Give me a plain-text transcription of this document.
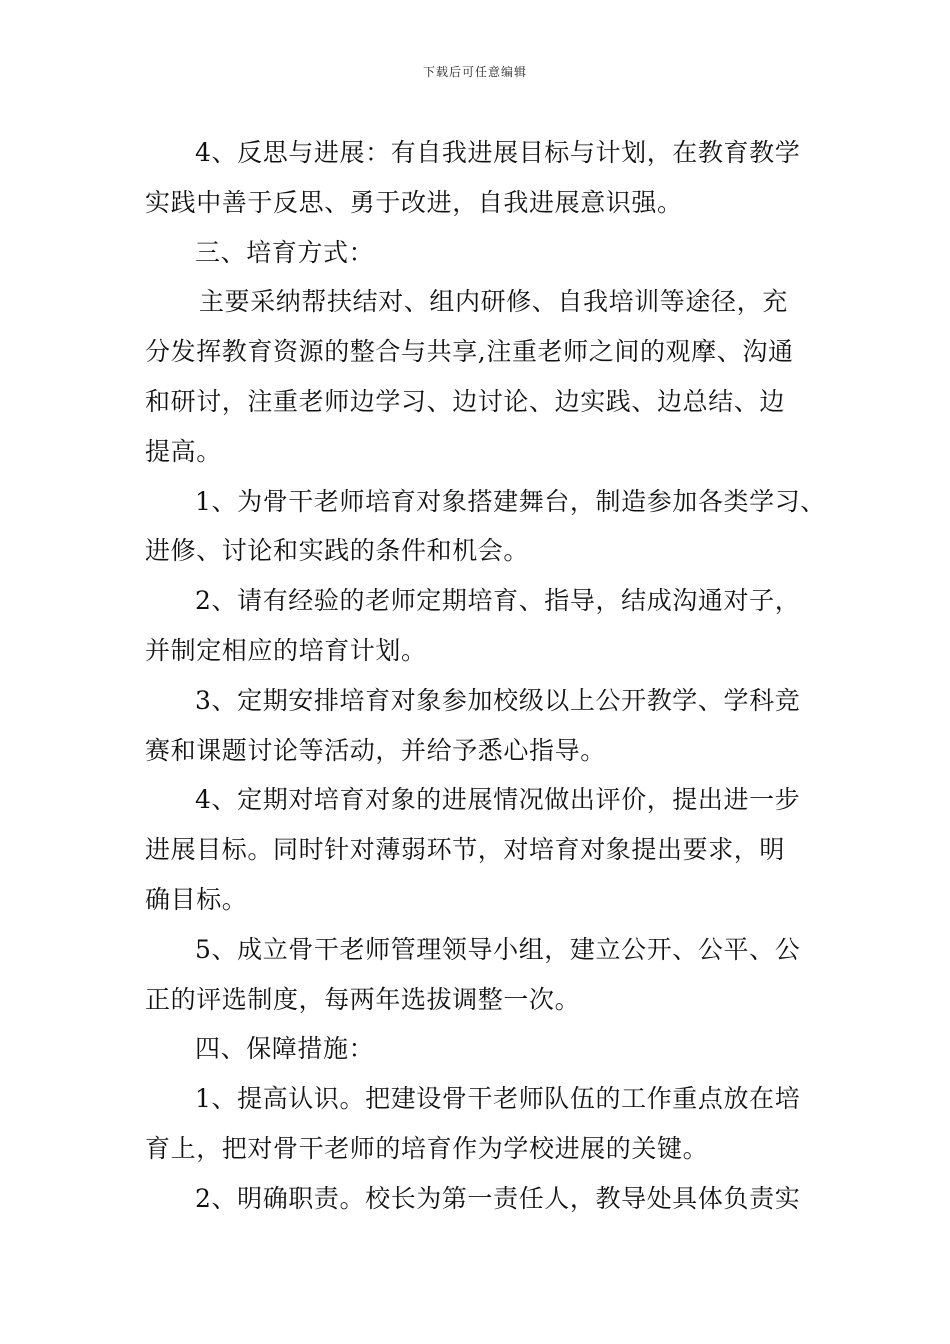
下载后可任意编辑
4、反思与进展：有自我进展目标与计划，在教育教学
实践中善于反思、勇于改进，自我进展意识强。
三、培育方式：
主要采纳帮扶结对、组内研修、自我培训等途径，充
分发挥教育资源的整合与共享,注重老师之间的观摩、沟通
和研讨，注重老师边学习、边讨论、边实践、边总结、边
提高。
1、为骨干老师培育对象搭建舞台，制造参加各类学习、
进修、讨论和实践的条件和机会。
2、请有经验的老师定期培育、指导，结成沟通对子，
并制定相应的培育计划。
3、定期安排培育对象参加校级以上公开教学、学科竞
赛和课题讨论等活动，并给予悉心指导。
4、定期对培育对象的进展情况做出评价，提出进一步
进展目标。同时针对薄弱环节，对培育对象提出要求，明
确目标。
5、成立骨干老师管理领导小组，建立公开、公平、公
正的评选制度，每两年选拔调整一次。
四、保障措施：
1、提高认识。把建设骨干老师队伍的工作重点放在培
育上，把对骨干老师的培育作为学校进展的关键。
2、明确职责。校长为第一责任人，教导处具体负责实
